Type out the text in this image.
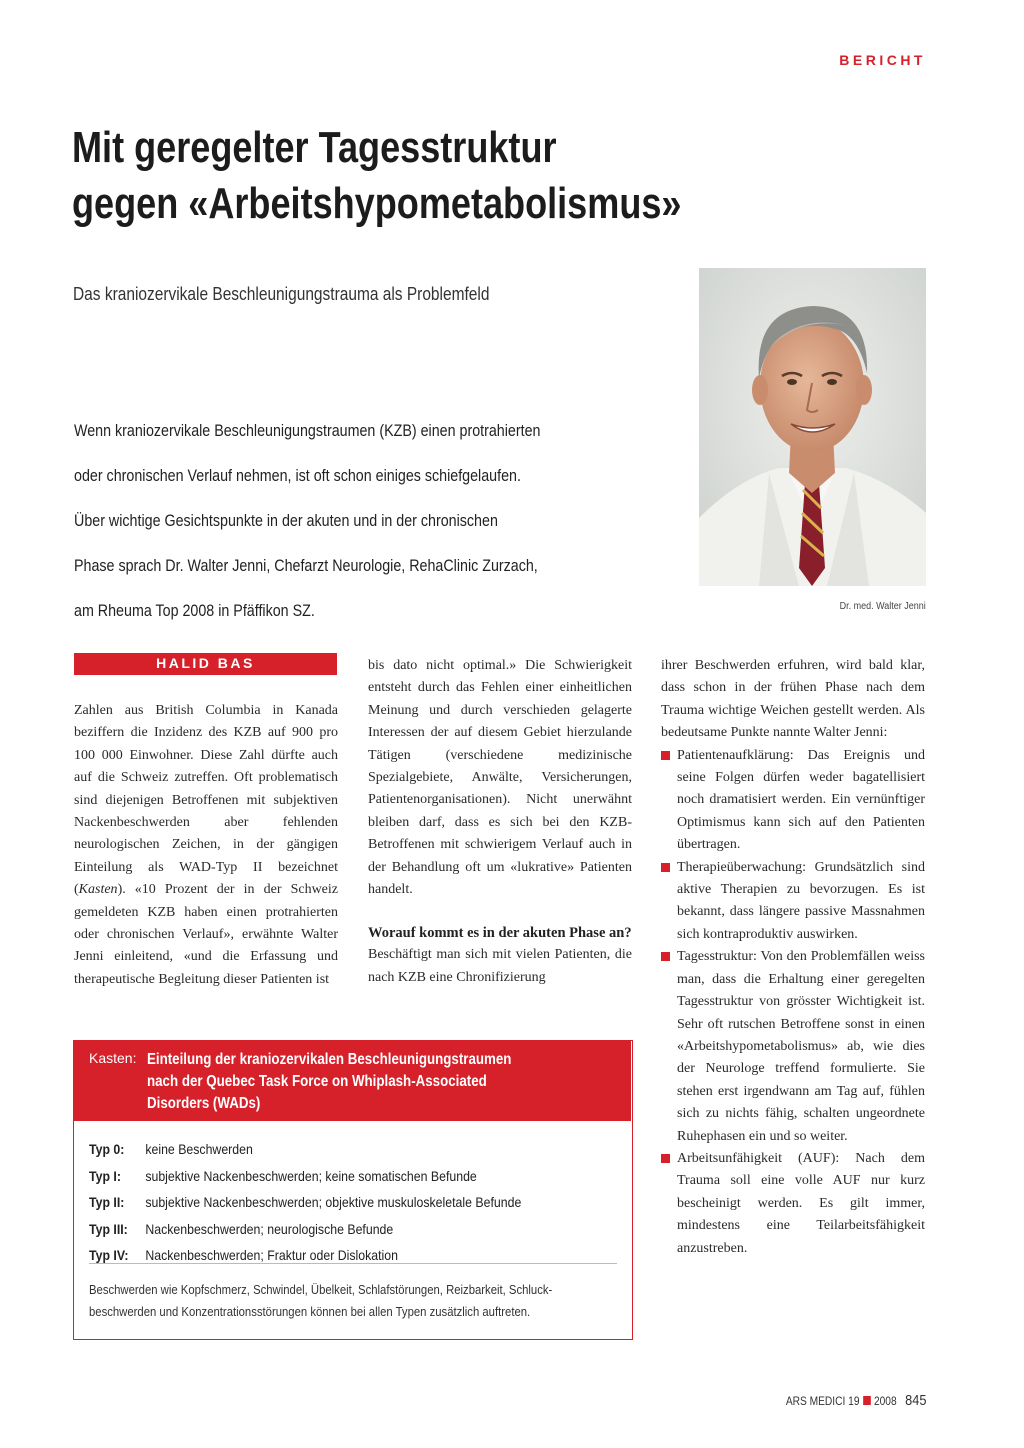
BERICHT
Mit geregelter Tagesstruktur
gegen «Arbeitshypometabolismus»
Das kraniozervikale Beschleunigungstrauma als Problemfeld
Dr. med. Walter Jenni
Wenn kraniozervikale Beschleunigungstraumen (KZB) einen protrahierten
oder chronischen Verlauf nehmen, ist oft schon einiges schiefgelaufen.
Über wichtige Gesichtspunkte in der akuten und in der chronischen
Phase sprach Dr. Walter Jenni, Chefarzt Neurologie, RehaClinic Zurzach,
am Rheuma Top 2008 in Pfäffikon SZ.
HALID BAS

Zahlen aus British Columbia in Kanada beziffern die Inzidenz des KZB auf 900 pro 100 000 Einwohner. Diese Zahl dürfte auch auf die Schweiz zutreffen. Oft problematisch sind diejenigen Betroffenen mit subjektiven Nackenbeschwerden aber fehlenden neurologischen Zeichen, in der gängigen Einteilung als WAD-Typ II bezeichnet (Kasten). «10 Prozent der in der Schweiz gemeldeten KZB haben einen protrahierten oder chronischen Verlauf», erwähnte Walter Jenni einleitend, «und die Erfassung und therapeutische Begleitung dieser Patienten ist

bis dato nicht optimal.» Die Schwierigkeit entsteht durch das Fehlen einer einheitlichen Meinung und durch verschieden gelagerte Interessen der auf diesem Gebiet hierzulande Tätigen (verschiedene medizinische Spezialgebiete, Anwälte, Versicherungen, Patientenorganisationen). Nicht unerwähnt bleiben darf, dass es sich bei den KZB-Betroffenen mit schwierigem Verlauf auch in der Behandlung oft um «lukrative» Patienten handelt.

Worauf kommt es in der akuten Phase an?

Beschäftigt man sich mit vielen Patienten, die nach KZB eine Chronifizierung

ihrer Beschwerden erfuhren, wird bald klar, dass schon in der frühen Phase nach dem Trauma wichtige Weichen gestellt werden. Als bedeutsame Punkte nannte Walter Jenni:

Patientenaufklärung: Das Ereignis und seine Folgen dürfen weder bagatellisiert noch dramatisiert werden. Ein vernünftiger Optimismus kann sich auf den Patienten übertragen.

Therapieüberwachung: Grundsätzlich sind aktive Therapien zu bevorzugen. Es ist bekannt, dass längere passive Massnahmen sich kontraproduktiv auswirken.

Tagesstruktur: Von den Problemfällen weiss man, dass die Erhaltung einer geregelten Tagesstruktur von grösster Wichtigkeit ist. Sehr oft rutschen Betroffene sonst in einen «Arbeitshypometabolismus» ab, wie dies der Neurologe treffend formulierte. Sie stehen erst irgendwann am Tag auf, fühlen sich zu nichts fähig, schalten ungeordnete Ruhephasen ein und so weiter.

Arbeitsunfähigkeit (AUF): Nach dem Trauma soll eine volle AUF nur kurz bescheinigt werden. Es gilt immer, mindestens eine Teilarbeitsfähigkeit anzustreben.

Kasten: Einteilung der kraniozervikalen Beschleunigungstraumen
nach der Quebec Task Force on Whiplash-Associated
Disorders (WADs)
Typ 0: keine Beschwerden
Typ I: subjektive Nackenbeschwerden; keine somatischen Befunde
Typ II: subjektive Nackenbeschwerden; objektive muskuloskeletale Befunde
Typ III: Nackenbeschwerden; neurologische Befunde
Typ IV: Nackenbeschwerden; Fraktur oder Dislokation
Beschwerden wie Kopfschmerz, Schwindel, Übelkeit, Schlafstörungen, Reizbarkeit, Schluck-
beschwerden und Konzentrationsstörungen können bei allen Typen zusätzlich auftreten.
ARS MEDICI 19 2008 845
